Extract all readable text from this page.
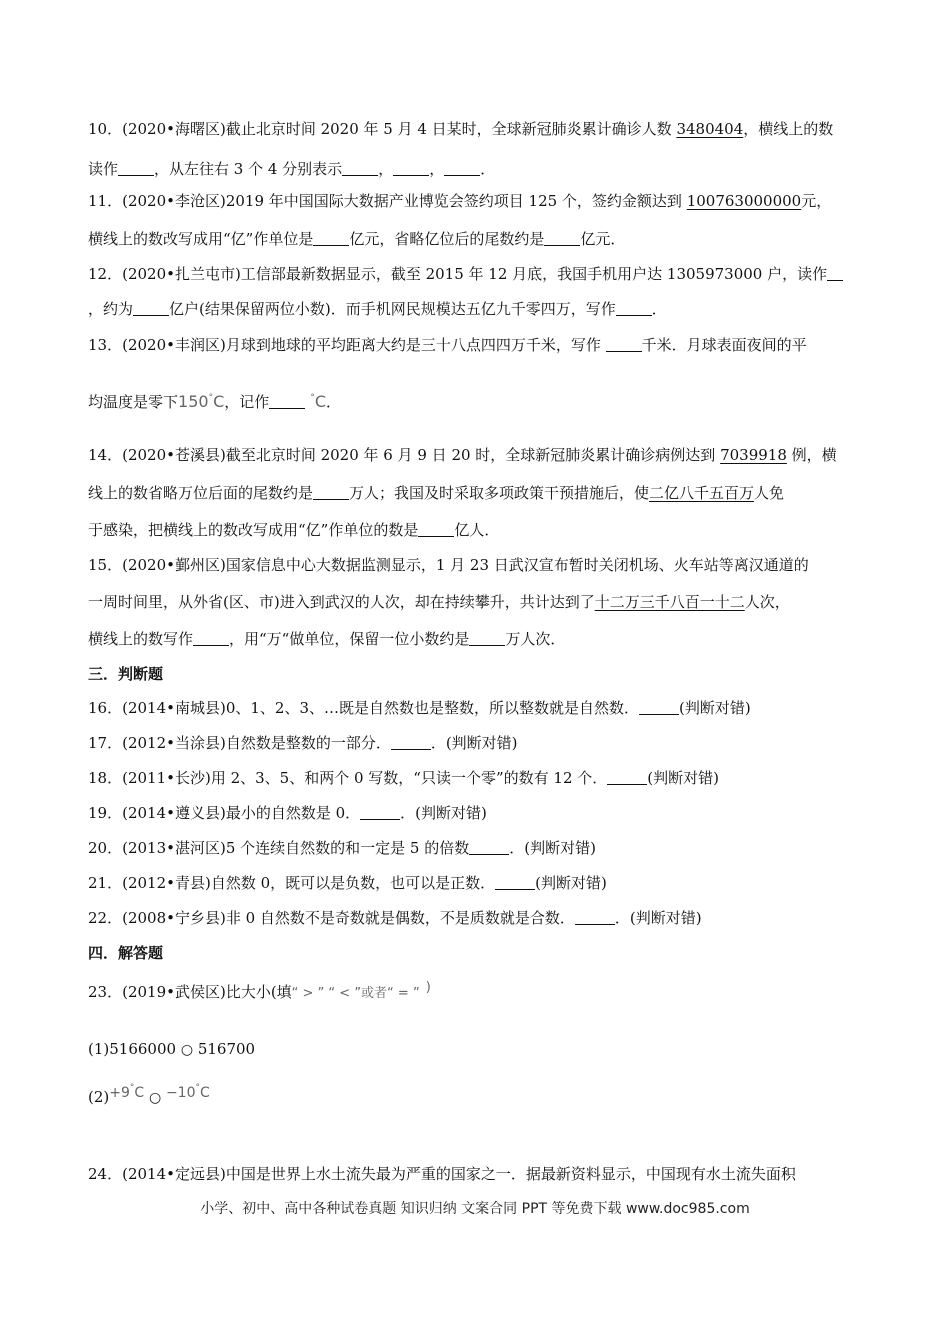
10．(2020•海曙区)截止北京时间 2020 年 5 月 4 日某时，全球新冠肺炎累计确诊人数 3480404，横线上的数
读作 ，从左往右 3 个 4 分别表示 ， ， ．
11．(2020•李沧区)2019 年中国国际大数据产业博览会签约项目 125 个，签约金额达到 100763000000元，
横线上的数改写成用“亿”作单位是 亿元，省略亿位后的尾数约是 亿元．
12．(2020•扎兰屯市)工信部最新数据显示，截至 2015 年 12 月底，我国手机用户达 1305973000 户，读作
，约为 亿户(结果保留两位小数)．而手机网民规模达五亿九千零四万，写作 ．
13．(2020•丰润区)月球到地球的平均距离大约是三十八点四四万千米，写作 千米．月球表面夜间的平
均温度是零下150°C，记作	°C．
14．(2020•苍溪县)截至北京时间 2020 年 6 月 9 日 20 时，全球新冠肺炎累计确诊病例达到 7039918 例，横
线上的数省略万位后面的尾数约是 万人；我国及时采取多项政策干预措施后，使二亿八千五百万人免
于感染，把横线上的数改写成用“亿”作单位的数是 亿人．
15．(2020•鄞州区)国家信息中心大数据监测显示，1 月 23 日武汉宣布暂时关闭机场、火车站等离汉通道的
一周时间里，从外省(区、市)进入到武汉的人次，却在持续攀升，共计达到了十二万三千八百一十二人次，
横线上的数写作 ，用“万“做单位，保留一位小数约是 万人次．
三．判断题
16．(2014•南城县)0、1、2、3、…既是自然数也是整数，所以整数就是自然数．	(判断对错)
17．(2012•当涂县)自然数是整数的一部分．	．(判断对错)
18．(2011•长沙)用 2、3、5、和两个 0 写数，“只读一个零”的数有 12 个．	(判断对错)
19．(2014•遵义县)最小的自然数是 0．	．(判断对错)
20．(2013•湛河区)5 个连续自然数的和一定是 5 的倍数	．(判断对错)
21．(2012•青县)自然数 0，既可以是负数，也可以是正数．	(判断对错)
22．(2008•宁乡县)非 0 自然数不是奇数就是偶数，不是质数就是合数．	．(判断对错)
四．解答题
23．(2019•武侯区)比大小(填“ > ” “ < ”或者“ = ” )
(1)5166000 ○ 516700
(2)+9°C ○ −10°C
24．(2014•定远县)中国是世界上水土流失最为严重的国家之一．据最新资料显示，中国现有水土流失面积
小学、初中、高中各种试卷真题 知识归纳 文案合同 PPT 等免费下载 www.doc985.com
